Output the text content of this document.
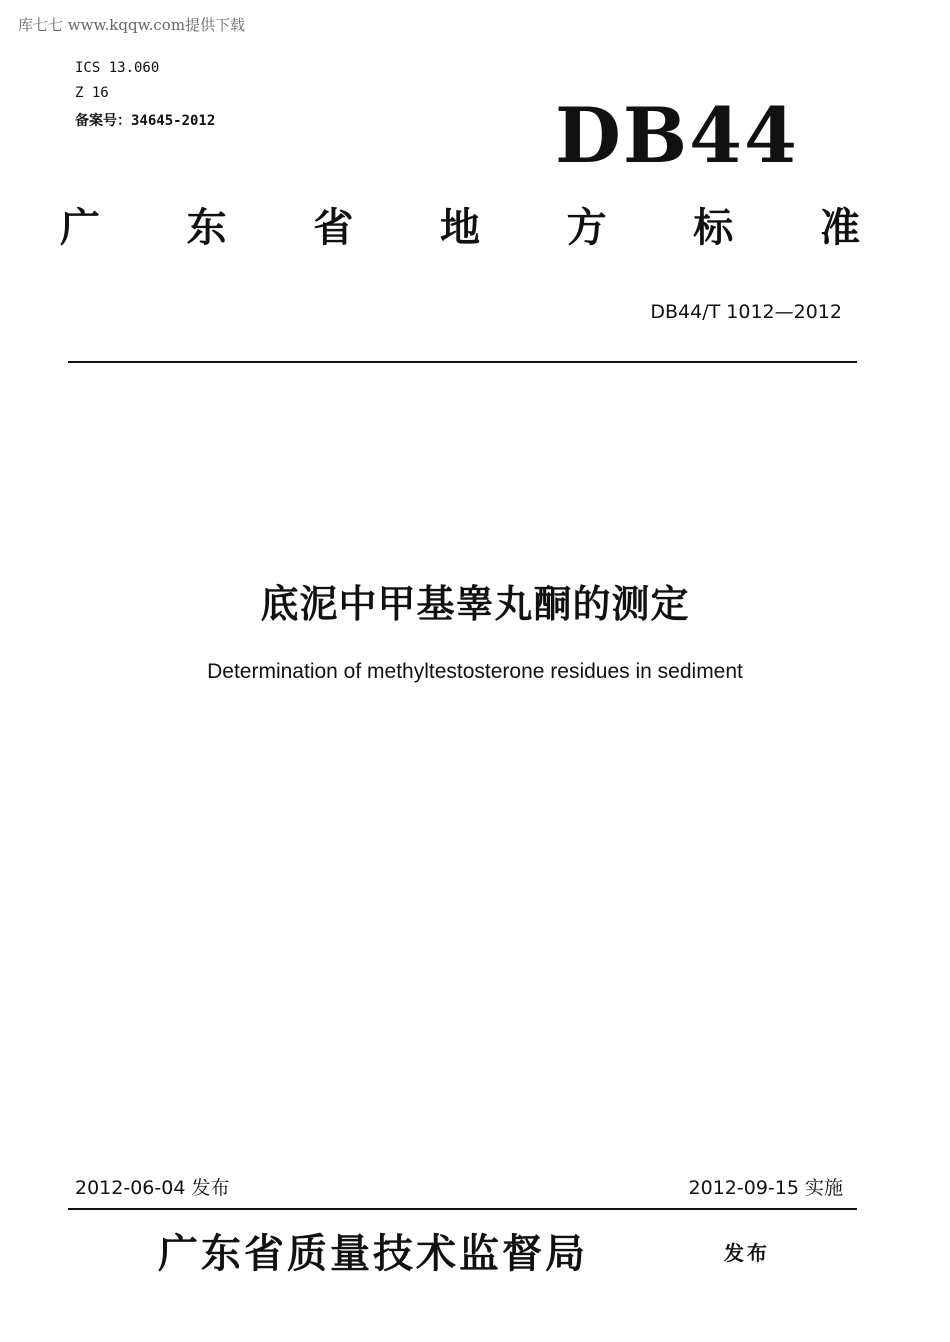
库七七 www.kqqw.com提供下载
ICS 13.060
Z 16
备案号：34645-2012	DB44
广 东 省 地 方 标 准
DB44/T 1012—2012
底泥中甲基睾丸酮的测定
Determination of methyltestosterone residues in sediment
2012-06-04 发布	2012-09-15 实施
广东省质量技术监督局	发布
